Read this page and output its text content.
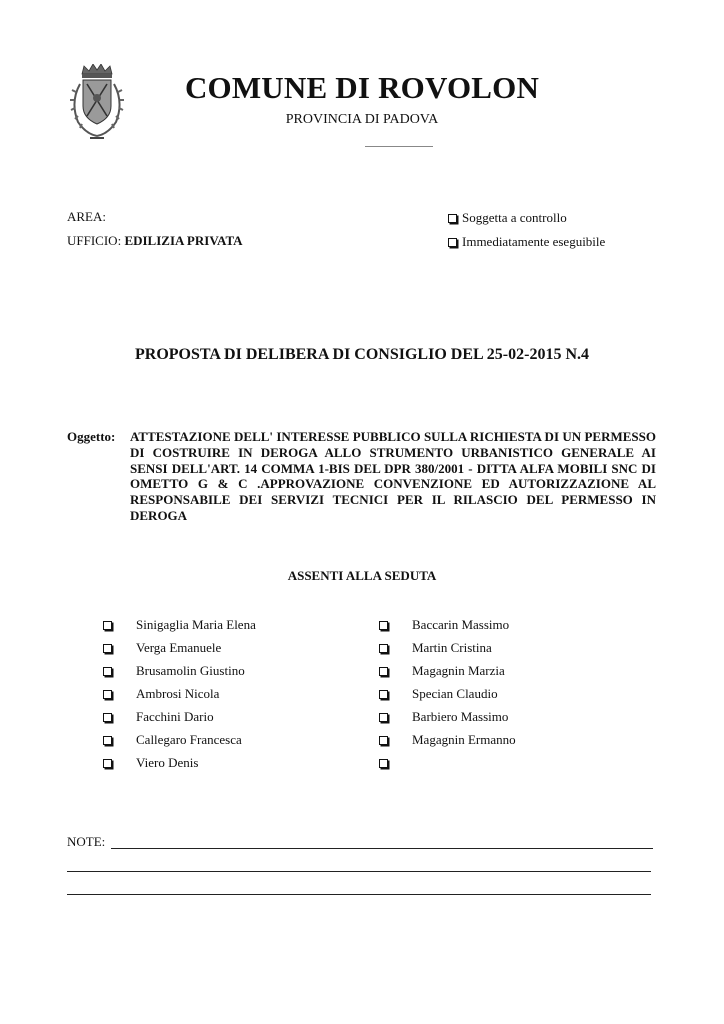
COMUNE DI ROVOLON
PROVINCIA DI PADOVA
AREA:
UFFICIO: EDILIZIA PRIVATA
Soggetta a controllo
Immediatamente eseguibile
PROPOSTA DI DELIBERA DI CONSIGLIO DEL 25-02-2015 N.4
Oggetto: ATTESTAZIONE DELL' INTERESSE PUBBLICO SULLA RICHIESTA DI UN PERMESSO DI COSTRUIRE IN DEROGA ALLO STRUMENTO URBANISTICO GENERALE AI SENSI DELL'ART. 14 COMMA 1-BIS DEL DPR 380/2001 - DITTA ALFA MOBILI SNC DI OMETTO G & C .APPROVAZIONE CONVENZIONE ED AUTORIZZAZIONE AL RESPONSABILE DEI SERVIZI TECNICI PER IL RILASCIO DEL PERMESSO IN DEROGA
ASSENTI ALLA SEDUTA
Sinigaglia Maria Elena
Verga Emanuele
Brusamolin Giustino
Ambrosi Nicola
Facchini Dario
Callegaro Francesca
Viero Denis
Baccarin Massimo
Martin Cristina
Magagnin Marzia
Specian Claudio
Barbiero Massimo
Magagnin Ermanno
NOTE:
